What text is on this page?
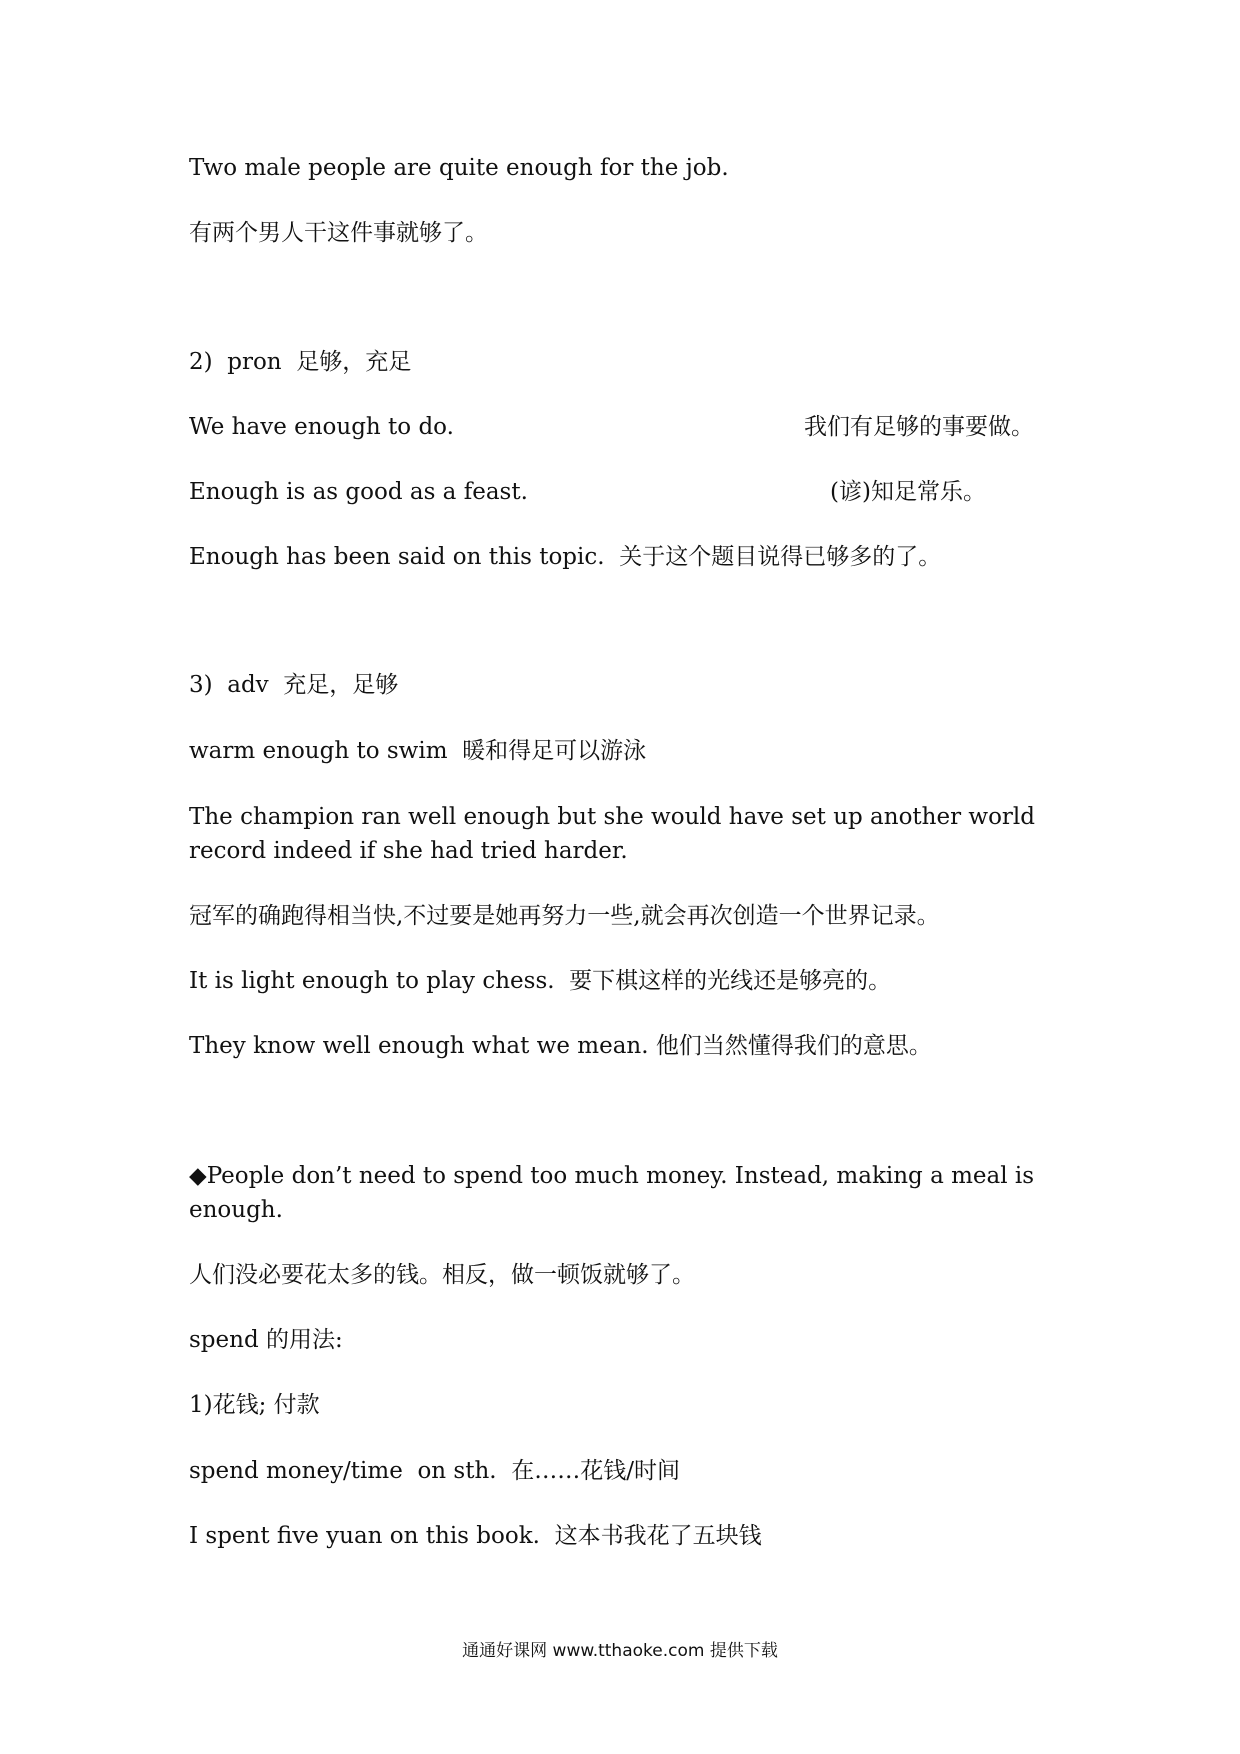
Two male people are quite enough for the job.
有两个男人干这件事就够了。
2)  pron  足够，充足
We have enough to do.	我们有足够的事要做。
Enough is as good as a feast.	(谚)知足常乐。
Enough has been said on this topic.  关于这个题目说得已够多的了。
3)  adv  充足，足够
warm enough to swim  暖和得足可以游泳
The champion ran well enough but she would have set up another world record indeed if she had tried harder.
冠军的确跑得相当快,不过要是她再努力一些,就会再次创造一个世界记录。
It is light enough to play chess.  要下棋这样的光线还是够亮的。
They know well enough what we mean. 他们当然懂得我们的意思。
◆People don’t need to spend too much money. Instead, making a meal is enough.
人们没必要花太多的钱。相反，做一顿饭就够了。
spend 的用法:
1)花钱; 付款
spend money/time  on sth.  在……花钱/时间
I spent five yuan on this book.  这本书我花了五块钱
通通好课网 www.tthaoke.com 提供下载
